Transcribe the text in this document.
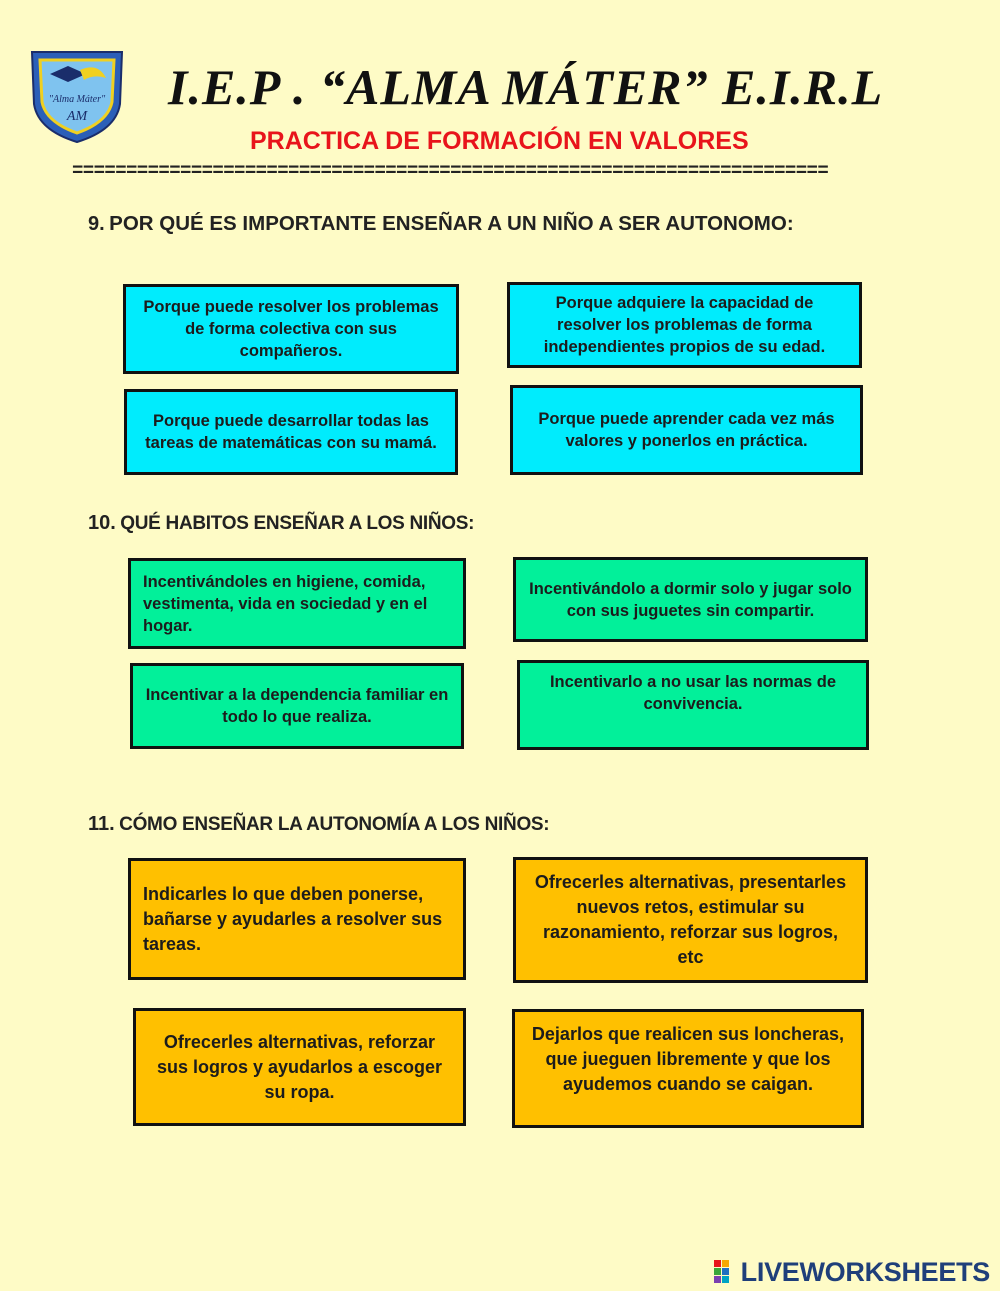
"Alma Máter"
AM
I.E.P . “ALMA MÁTER” E.I.R.L
PRACTICA DE FORMACIÓN EN VALORES
======================================================================
9. POR QUÉ ES IMPORTANTE ENSEÑAR A UN NIÑO A SER AUTONOMO:
Porque puede resolver los problemas de forma colectiva con sus compañeros.
Porque adquiere la capacidad de resolver los problemas de forma independientes propios de su edad.
Porque puede desarrollar todas las tareas de matemáticas con su mamá.
Porque puede aprender cada vez más valores y ponerlos en práctica.
10. QUÉ HABITOS ENSEÑAR A LOS NIÑOS:
Incentivándoles en higiene, comida, vestimenta, vida en sociedad y en el hogar.
Incentivándolo a dormir solo y jugar solo con sus juguetes sin compartir.
Incentivar a la dependencia familiar en todo lo que realiza.
Incentivarlo a no usar las normas de convivencia.
11. CÓMO ENSEÑAR LA AUTONOMÍA A LOS NIÑOS:
Indicarles lo que deben ponerse, bañarse y ayudarles a resolver sus tareas.
Ofrecerles alternativas, presentarles nuevos retos, estimular su razonamiento, reforzar sus logros, etc
Ofrecerles alternativas, reforzar sus logros y ayudarlos a escoger su ropa.
Dejarlos que realicen sus loncheras, que jueguen libremente y que los ayudemos cuando se caigan.
LIVEWORKSHEETS
